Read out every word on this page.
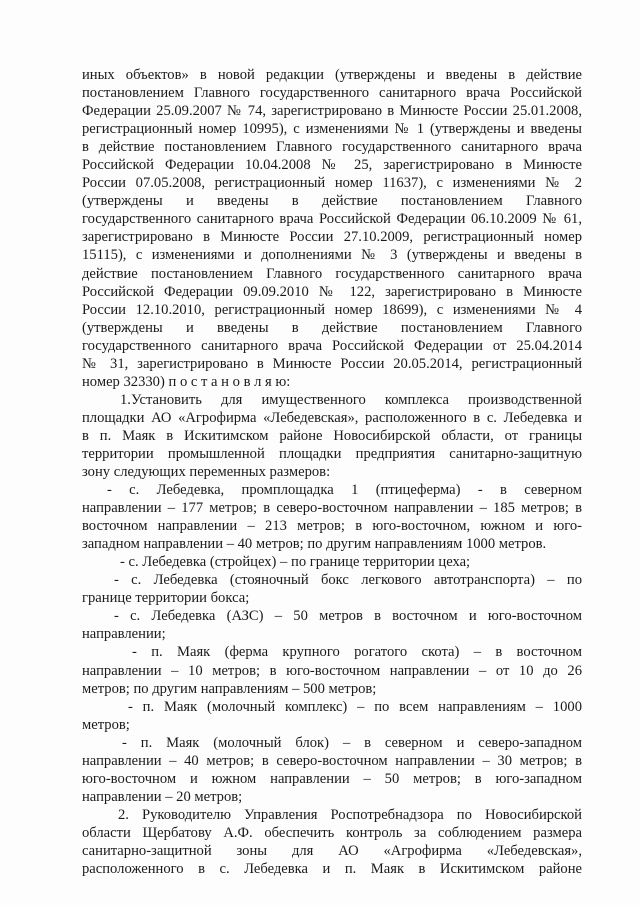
иных объектов» в новой редакции (утверждены и введены в действие
постановлением Главного государственного санитарного врача Российской
Федерации 25.09.2007 № 74, зарегистрировано в Минюсте России 25.01.2008,
регистрационный номер 10995), с изменениями № 1 (утверждены и введены
в действие постановлением Главного государственного санитарного врача
Российской Федерации 10.04.2008 № 25, зарегистрировано в Минюсте
России 07.05.2008, регистрационный номер 11637), с изменениями № 2
(утверждены и введены в действие постановлением Главного
государственного санитарного врача Российской Федерации 06.10.2009 № 61,
зарегистрировано в Минюсте России 27.10.2009, регистрационный номер
15115), с изменениями и дополнениями № 3 (утверждены и введены в
действие постановлением Главного государственного санитарного врача
Российской Федерации 09.09.2010 № 122, зарегистрировано в Минюсте
России 12.10.2010, регистрационный номер 18699), с изменениями № 4
(утверждены и введены в действие постановлением Главного
государственного санитарного врача Российской Федерации от 25.04.2014
№ 31, зарегистрировано в Минюсте России 20.05.2014, регистрационный
номер 32330) п о с т а н о в л я ю:
1.Установить для имущественного комплекса производственной
площадки АО «Агрофирма «Лебедевская», расположенного в с. Лебедевка и
в п. Маяк в Искитимском районе Новосибирской области, от границы
территории промышленной площадки предприятия санитарно-защитную
зону следующих переменных размеров:
- с. Лебедевка, промплощадка 1 (птицеферма) - в северном
направлении – 177 метров; в северо-восточном направлении – 185 метров; в
восточном направлении – 213 метров; в юго-восточном, южном и юго-
западном направлении – 40 метров; по другим направлениям 1000 метров.
- с. Лебедевка (стройцех) – по границе территории цеха;
- с. Лебедевка (стояночный бокс легкового автотранспорта) – по
границе территории бокса;
- с. Лебедевка (АЗС) – 50 метров в восточном и юго-восточном
направлении;
- п. Маяк (ферма крупного рогатого скота) – в восточном
направлении – 10 метров; в юго-восточном направлении – от 10 до 26
метров; по другим направлениям – 500 метров;
- п. Маяк (молочный комплекс) – по всем направлениям – 1000
метров;
- п. Маяк (молочный блок) – в северном и северо-западном
направлении – 40 метров; в северо-восточном направлении – 30 метров; в
юго-восточном и южном направлении – 50 метров; в юго-западном
направлении – 20 метров;
2. Руководителю Управления Роспотребнадзора по Новосибирской
области Щербатову А.Ф. обеспечить контроль за соблюдением размера
санитарно-защитной зоны для АО «Агрофирма «Лебедевская»,
расположенного в с. Лебедевка и п. Маяк в Искитимском районе
